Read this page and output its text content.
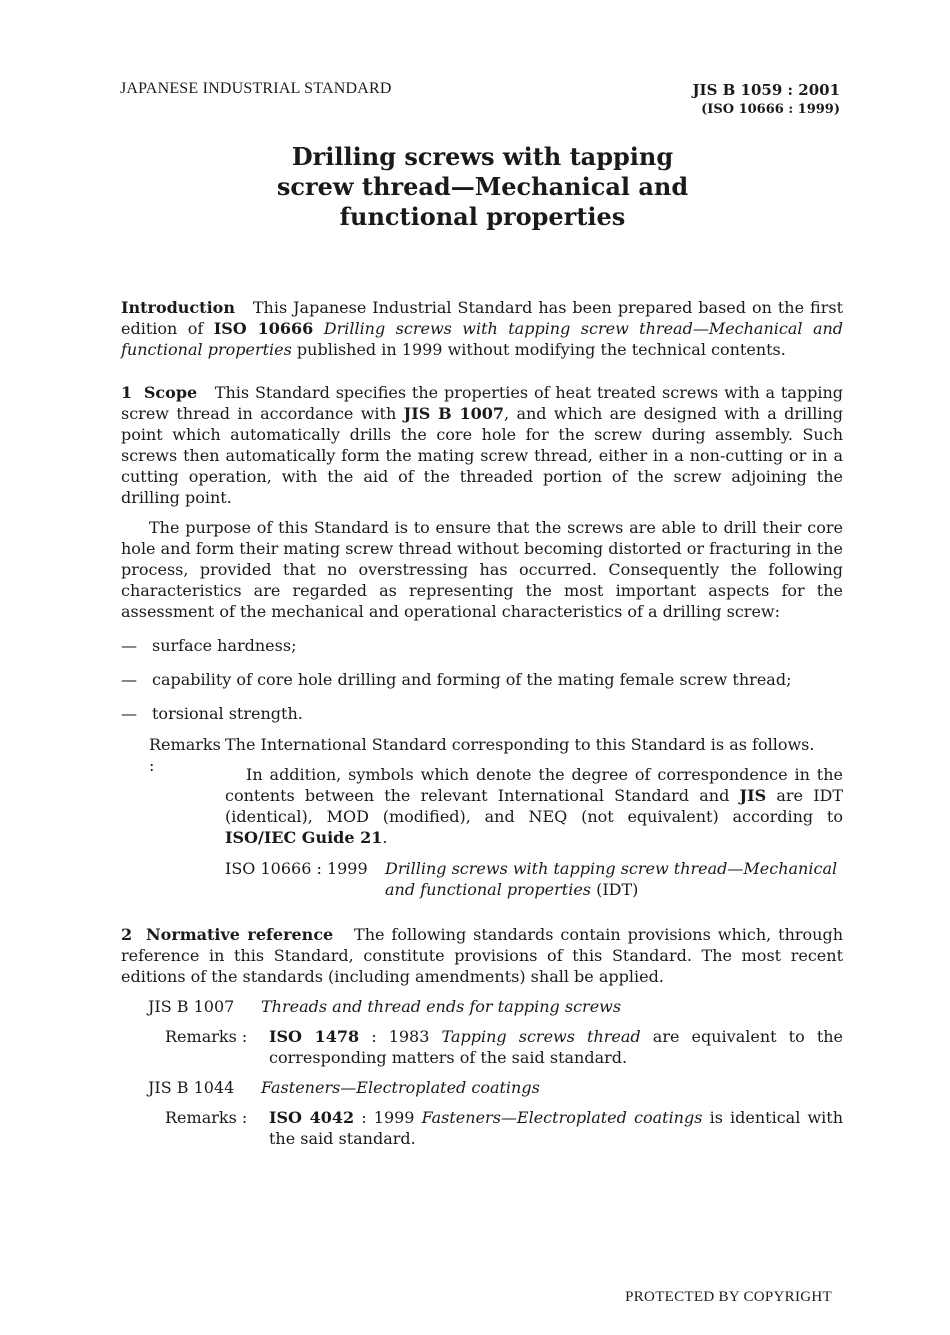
JAPANESE INDUSTRIAL STANDARD	JIS B 1059 : 2001
(ISO 10666 : 1999)
Drilling screws with tapping
screw thread—Mechanical and
functional properties

Introduction This Japanese Industrial Standard has been prepared based on the first edition of ISO 10666 Drilling screws with tapping screw thread—Mechanical and functional properties published in 1999 without modifying the technical contents.

1 Scope This Standard specifies the properties of heat treated screws with a tapping screw thread in accordance with JIS B 1007, and which are designed with a drilling point which automatically drills the core hole for the screw during assembly. Such screws then automatically form the mating screw thread, either in a non-cutting or in a cutting operation, with the aid of the threaded portion of the screw adjoining the drilling point.

The purpose of this Standard is to ensure that the screws are able to drill their core hole and form their mating screw thread without becoming distorted or fracturing in the process, provided that no overstressing has occurred. Consequently the following characteristics are regarded as representing the most important aspects for the assessment of the mechanical and operational characteristics of a drilling screw:

— surface hardness;
— capability of core hole drilling and forming of the mating female screw thread;
— torsional strength.
Remarks :

The International Standard corresponding to this Standard is as follows.

In addition, symbols which denote the degree of correspondence in the contents between the relevant International Standard and JIS are IDT (identical), MOD (modified), and NEQ (not equivalent) according to ISO/IEC Guide 21.

ISO 10666 : 1999	Drilling screws with tapping screw thread—Mechanical and functional properties (IDT)

2 Normative reference The following standards contain provisions which, through reference in this Standard, constitute provisions of this Standard. The most recent editions of the standards (including amendments) shall be applied.

JIS B 1007	Threads and thread ends for tapping screws
Remarks :	ISO 1478 : 1983 Tapping screws thread are equivalent to the corresponding matters of the said standard.
JIS B 1044	Fasteners—Electroplated coatings
Remarks :	ISO 4042 : 1999 Fasteners—Electroplated coatings is identical with the said standard.
PROTECTED BY COPYRIGHT
